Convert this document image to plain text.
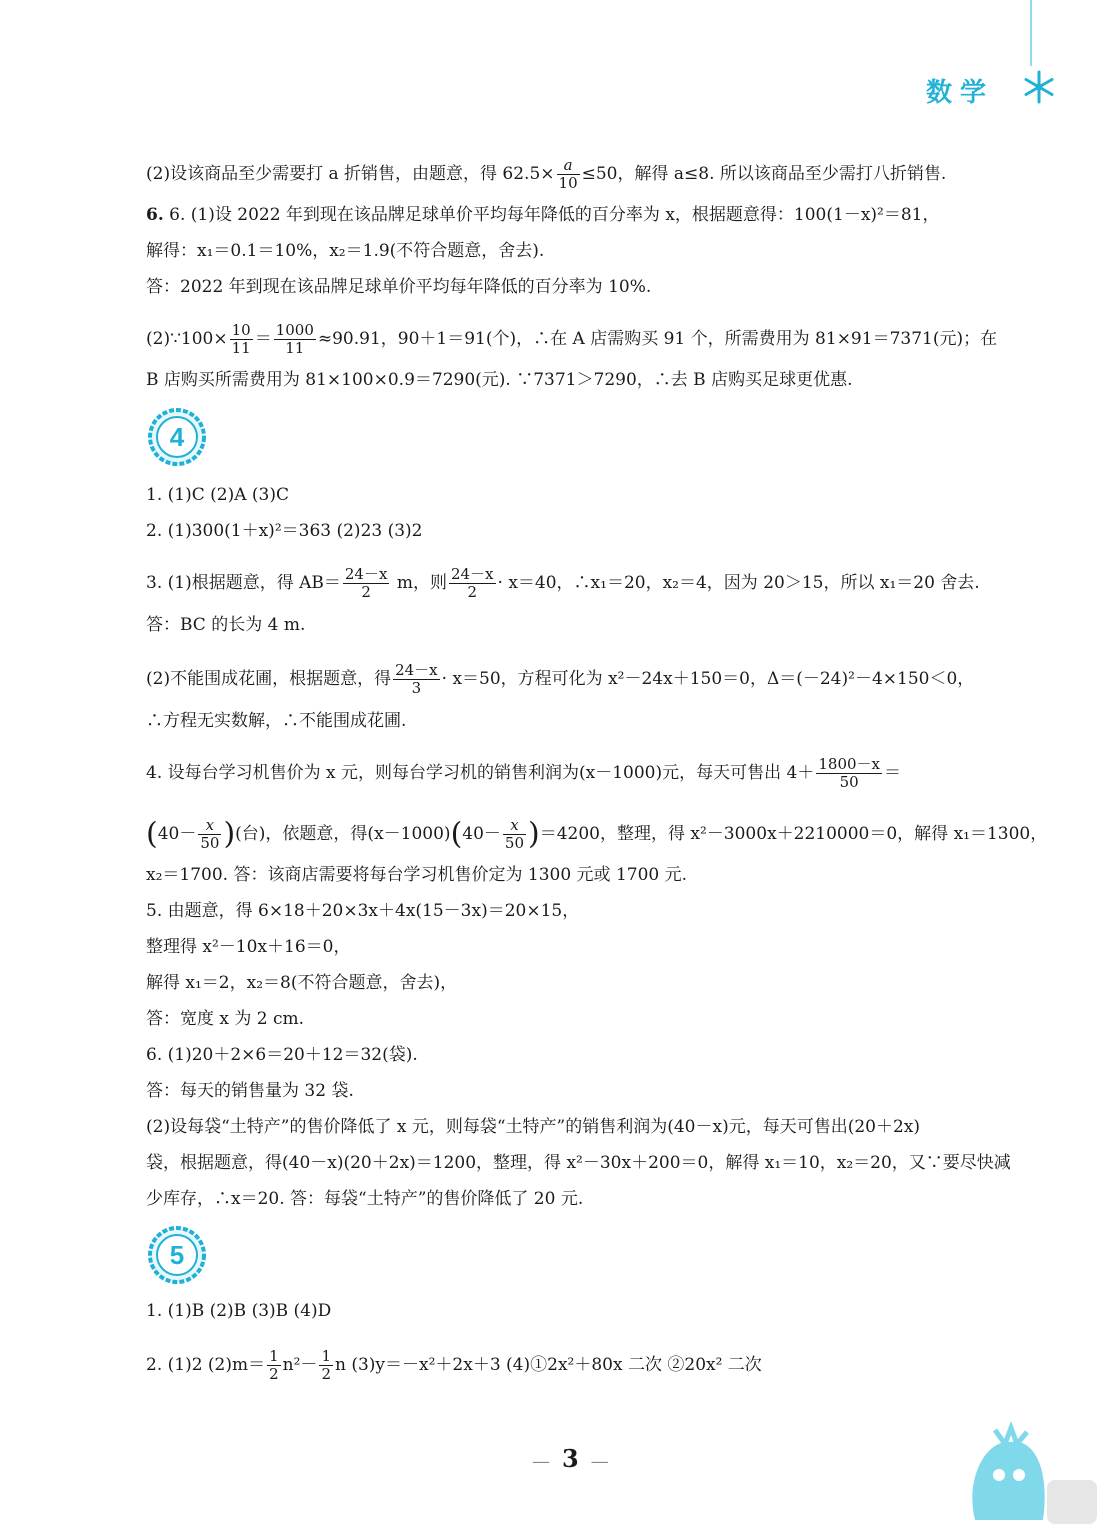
数学
(2)设该商品至少需要打 a 折销售，由题意，得 $62.5\times \frac{a}{10} \le 50$，解得 a≤8. 所以该商品至少需打八折销售.
6. 6. (1)设 2022 年到现在该品牌足球单价平均每年降低的百分率为 x，根据题意得：100(1－x)²＝81，
解得：x₁＝0.1＝10%，x₂＝1.9(不符合题意，舍去).
答：2022 年到现在该品牌足球单价平均每年降低的百分率为 10%.
(2)∵100× $\frac{10}{11} = \frac{1000}{11} \approx 90.91$，90＋1＝91(个)，∴在 A 店需购买 91 个，所需费用为 81×91＝7371(元)；在
B 店购买所需费用为 81×100×0.9＝7290(元). ∵7371＞7290，∴去 B 店购买足球更优惠.
4
1. (1)C (2)A (3)C
2. (1)300(1＋x)²＝363 (2)23 (3)2
3. (1)根据题意，得 $AB= \frac{24-x}{2}$ m，则 $\frac{24-x}{2} \cdot x=40$，∴x₁＝20，x₂＝4，因为 20＞15，所以 x₁＝20 舍去.
答：BC 的长为 4 m.
(2)不能围成花圃，根据题意，得 $\frac{24-x}{3} \cdot x=50$，方程可化为 x²－24x＋150＝0，Δ＝(－24)²－4×150＜0，
∴方程无实数解，∴不能围成花圃.
4. 设每台学习机售价为 x 元，则每台学习机的销售利润为(x－1000)元，每天可售出 $4+ \frac{1800-x}{50}$ ＝
($40- \frac{x}{50}$ )(台)，依题意，得$(x-1000)(40- \frac{x}{50} )=4200$，整理，得 x²－3000x＋2210000＝0，解得 x₁＝1300，
x₂＝1700. 答：该商店需要将每台学习机售价定为 1300 元或 1700 元.
5. 由题意，得 6×18＋20×3x＋4x(15－3x)＝20×15，
整理得 x²－10x＋16＝0，
解得 x₁＝2，x₂＝8(不符合题意，舍去)，
答：宽度 x 为 2 cm.
6. (1)20＋2×6＝20＋12＝32(袋).
答：每天的销售量为 32 袋.
(2)设每袋“土特产”的售价降低了 x 元，则每袋“土特产”的销售利润为(40－x)元，每天可售出(20＋2x)
袋，根据题意，得(40－x)(20＋2x)＝1200，整理，得 x²－30x＋200＝0，解得 x₁＝10，x₂＝20，又∵要尽快减
少库存，∴x＝20. 答：每袋“土特产”的售价降低了 20 元.
5
1. (1)B (2)B (3)B (4)D
2. (1)2 $(2)m= \frac{1}{2} n^2- \frac{1}{2}$ n (3)y＝－x²＋2x＋3 (4)①2x²＋80x 二次 ②20x² 二次
— 3 —
